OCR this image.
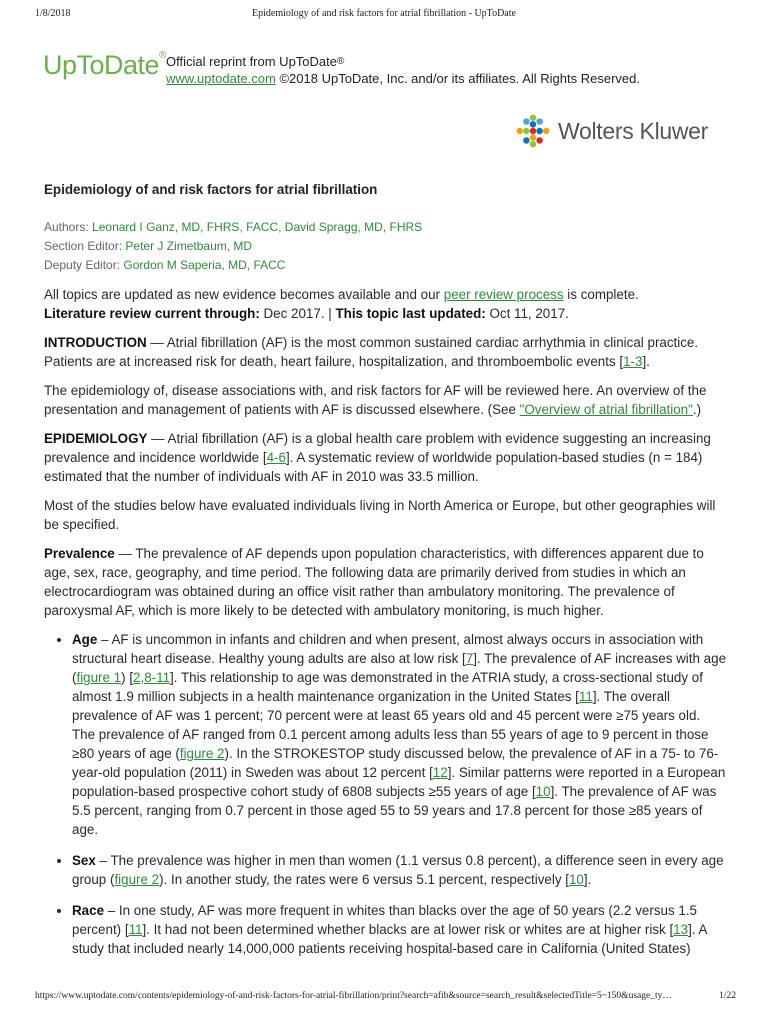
1/8/2018	Epidemiology of and risk factors for atrial fibrillation - UpToDate
UpToDate® Official reprint from UpToDate®
www.uptodate.com ©2018 UpToDate, Inc. and/or its affiliates. All Rights Reserved.
Wolters Kluwer
Epidemiology of and risk factors for atrial fibrillation
Authors: Leonard I Ganz, MD, FHRS, FACC, David Spragg, MD, FHRS
Section Editor: Peter J Zimetbaum, MD
Deputy Editor: Gordon M Saperia, MD, FACC

All topics are updated as new evidence becomes available and our peer review process is complete.
Literature review current through: Dec 2017. | This topic last updated: Oct 11, 2017.

INTRODUCTION — Atrial fibrillation (AF) is the most common sustained cardiac arrhythmia in clinical practice. Patients are at increased risk for death, heart failure, hospitalization, and thromboembolic events [1-3].

The epidemiology of, disease associations with, and risk factors for AF will be reviewed here. An overview of the presentation and management of patients with AF is discussed elsewhere. (See "Overview of atrial fibrillation".)

EPIDEMIOLOGY — Atrial fibrillation (AF) is a global health care problem with evidence suggesting an increasing prevalence and incidence worldwide [4-6]. A systematic review of worldwide population-based studies (n = 184) estimated that the number of individuals with AF in 2010 was 33.5 million.

Most of the studies below have evaluated individuals living in North America or Europe, but other geographies will be specified.

Prevalence — The prevalence of AF depends upon population characteristics, with differences apparent due to age, sex, race, geography, and time period. The following data are primarily derived from studies in which an electrocardiogram was obtained during an office visit rather than ambulatory monitoring. The prevalence of paroxysmal AF, which is more likely to be detected with ambulatory monitoring, is much higher.

• Age – AF is uncommon in infants and children and when present, almost always occurs in association with structural heart disease. Healthy young adults are also at low risk [7]. The prevalence of AF increases with age (figure 1) [2,8-11]. This relationship to age was demonstrated in the ATRIA study, a cross-sectional study of almost 1.9 million subjects in a health maintenance organization in the United States [11]. The overall prevalence of AF was 1 percent; 70 percent were at least 65 years old and 45 percent were ≥75 years old. The prevalence of AF ranged from 0.1 percent among adults less than 55 years of age to 9 percent in those ≥80 years of age (figure 2). In the STROKESTOP study discussed below, the prevalence of AF in a 75- to 76-year-old population (2011) in Sweden was about 12 percent [12]. Similar patterns were reported in a European population-based prospective cohort study of 6808 subjects ≥55 years of age [10]. The prevalence of AF was 5.5 percent, ranging from 0.7 percent in those aged 55 to 59 years and 17.8 percent for those ≥85 years of age.
• Sex – The prevalence was higher in men than women (1.1 versus 0.8 percent), a difference seen in every age group (figure 2). In another study, the rates were 6 versus 5.1 percent, respectively [10].
• Race – In one study, AF was more frequent in whites than blacks over the age of 50 years (2.2 versus 1.5 percent) [11]. It had not been determined whether blacks are at lower risk or whites are at higher risk [13]. A study that included nearly 14,000,000 patients receiving hospital-based care in California (United States)
https://www.uptodate.com/contents/epidemiology-of-and-risk-factors-for-atrial-fibrillation/print?search=afib&source=search_result&selectedTitle=5~150&usage_ty…	1/22
